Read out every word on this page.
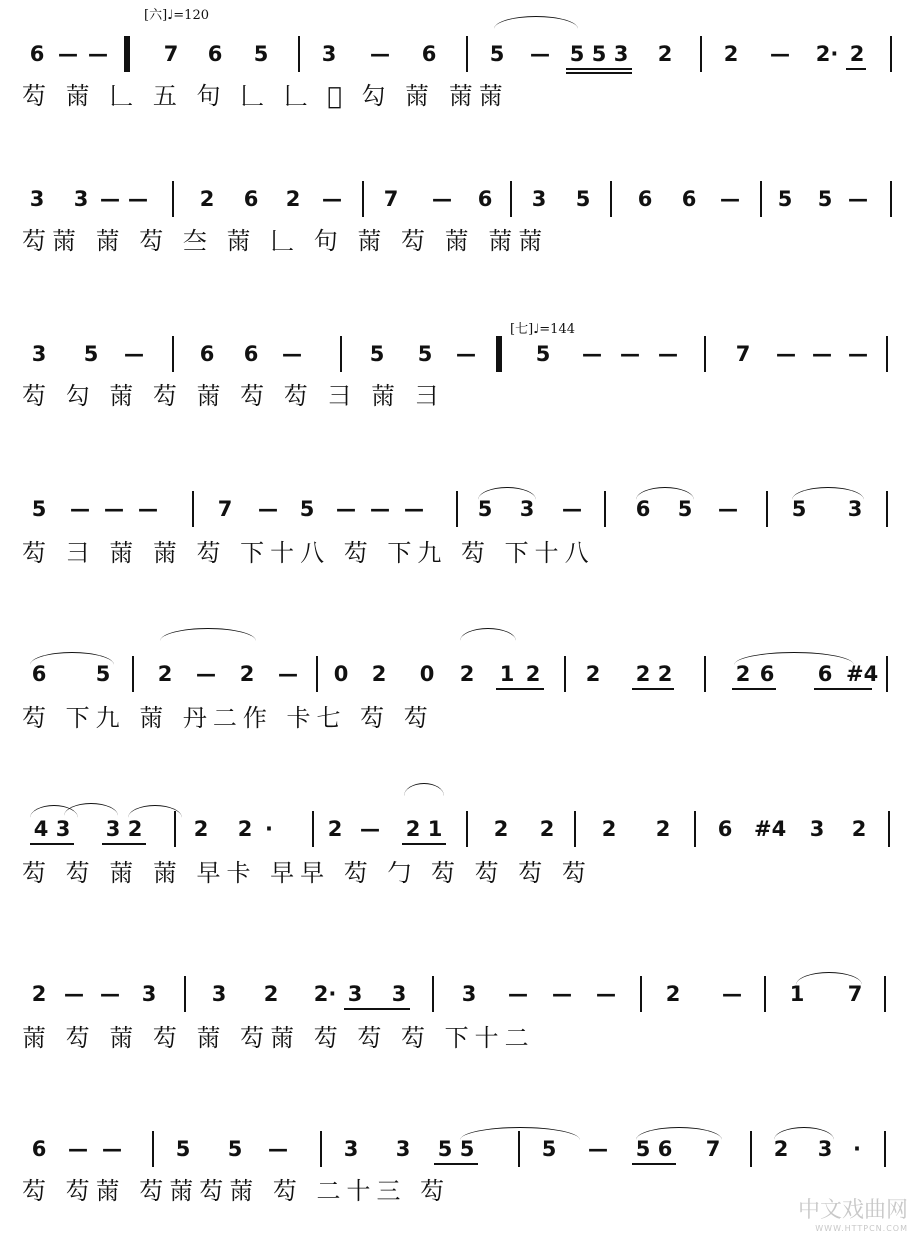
[六]♩=120
[七]♩=144
6 — —	7 6 5	3 — 6	5 — 5 5 3 2 2 — 2· 2
芶 𦲸 𠃊 五 句 𠃊 𠃊 𤰔 勾 𦲸 𦲸𦲸
3 3 — — 2 6 2 — 7 — 6 3 5 6 6 — 5 5 —
芶𦲸 𦲸 芶 夳 𦲸 𠃊 句 𦲸 芶 𦲸 𦲸𦲸
3 5 —	6 6 —	5 5 —	5 — — —	7 — — —
芶 勾 𦲸 芶 𦲸 芶 芶 彐 𦲸 彐
5 — — —	7 — 5 — — —	5 3 —	6 5 —	5 3
芶 彐 𦲸 𦲸 芶 下十八 芶 下九 芶 下十八
6 5 2 — 2 — 0 2 0 2 1 2 2 2 2	2 6 6 #4
芶 下九 𦲸 丹二作 卡七 芶 芶
4 3 3 2 2 2 ·	2 — 2 1 2 2 2 2 6 #4 3 2
芶 芶 𦲸 𦲸 早卡 早早 芶 勹 芶 芶 芶 芶
2 — — 3	3 2 2· 3 3	3 — — — 2 — 1 7
𦲸 芶 𦲸 芶 𦲸 芶𦲸 芶 芶 芶 下十二
6 — —	5 5 —	3 3 5 5	5 — 5 6 7	2 3 ·
芶 芶𦲸 芶𦲸芶𦲸 芶 二十三 芶
中文戏曲网
WWW.HTTPCN.COM
